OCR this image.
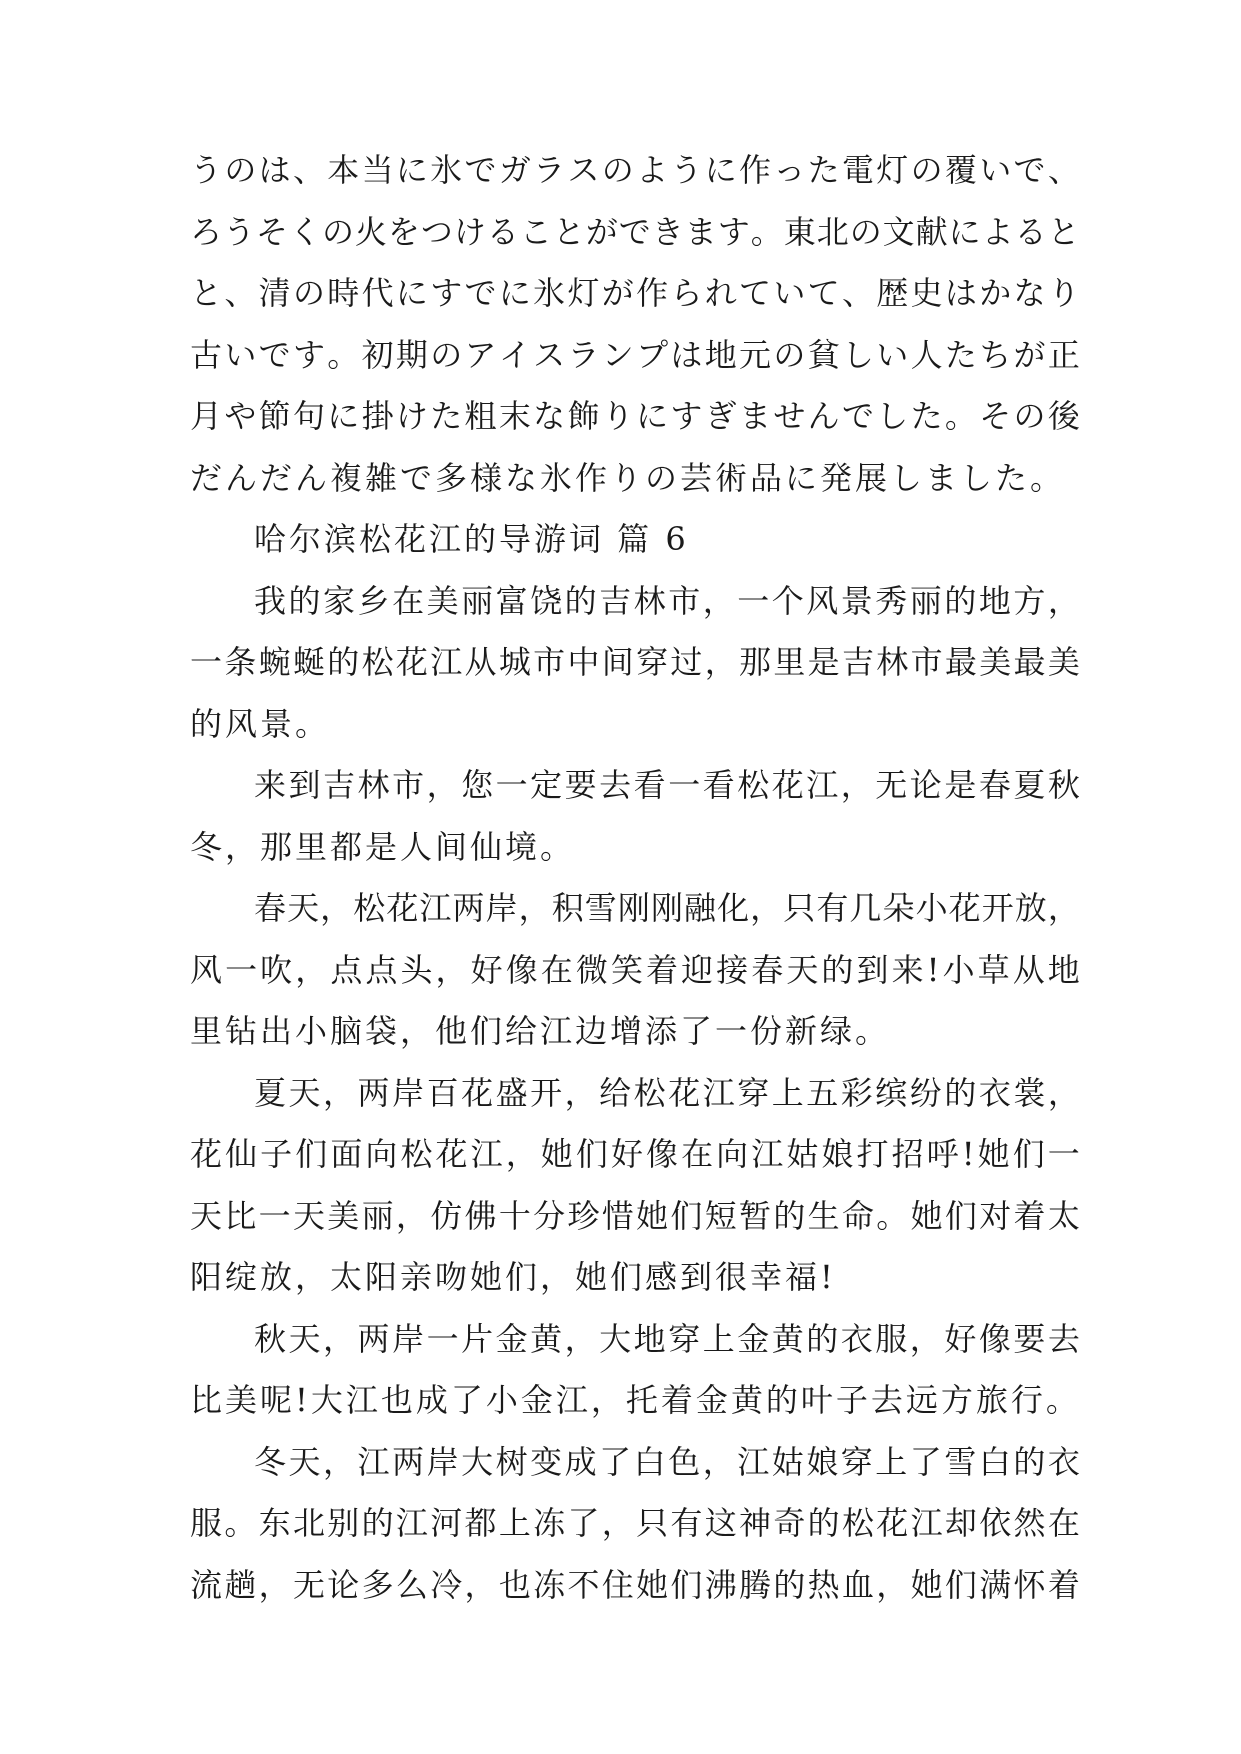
う の は 、 本 当 に 氷 で ガ ラ ス の よ う に 作 っ た 電 灯 の 覆 い で 、
ろ う そ く の 火 を つ け る こ と が で き ま す 。 東 北 の 文 献 に よ る と
と 、 清 の 時 代 に す で に 氷 灯 が 作 ら れ て い て 、 歴 史 は か な り
古 い で す 。 初 期 の ア イ ス ラ ン プ は 地 元 の 貧 し い 人 た ち が 正
月 や 節 句 に 掛 け た 粗 末 な 飾 り に す ぎ ま せ ん で し た 。 そ の 後
だんだん複雑で多様な氷作りの芸術品に発展しました。
哈尔滨松花江的导游词 篇 6
我 的 家 乡 在 美 丽 富 饶 的 吉 林 市 ， 一 个 风 景 秀 丽 的 地 方 ，
一 条 蜿 蜒 的 松 花 江 从 城 市 中 间 穿 过 ， 那 里 是 吉 林 市 最 美 最 美
的风景。
来 到 吉 林 市 ， 您 一 定 要 去 看 一 看 松 花 江 ， 无 论 是 春 夏 秋
冬，那里都是人间仙境。
春 天 ， 松 花 江 两 岸 ， 积 雪 刚 刚 融 化 ， 只 有 几 朵 小 花 开 放 ，
风 一 吹 ， 点 点 头 ， 好 像 在 微 笑 着 迎 接 春 天 的 到 来 ! 小 草 从 地
里钻出小脑袋，他们给江边增添了一份新绿。
夏 天 ， 两 岸 百 花 盛 开 ， 给 松 花 江 穿 上 五 彩 缤 纷 的 衣 裳 ，
花 仙 子 们 面 向 松 花 江 ， 她 们 好 像 在 向 江 姑 娘 打 招 呼 ! 她 们 一
天 比 一 天 美 丽 ， 仿 佛 十 分 珍 惜 她 们 短 暂 的 生 命 。 她 们 对 着 太
阳绽放，太阳亲吻她们，她们感到很幸福!
秋 天 ， 两 岸 一 片 金 黄 ， 大 地 穿 上 金 黄 的 衣 服 ， 好 像 要 去
比美呢!大江也成了小金江，托着金黄的叶子去远方旅行。
冬 天 ， 江 两 岸 大 树 变 成 了 白 色 ， 江 姑 娘 穿 上 了 雪 白 的 衣
服 。 东 北 别 的 江 河 都 上 冻 了 ， 只 有 这 神 奇 的 松 花 江 却 依 然 在
流 趟 ， 无 论 多 么 冷 ， 也 冻 不 住 她 们 沸 腾 的 热 血 ， 她 们 满 怀 着
